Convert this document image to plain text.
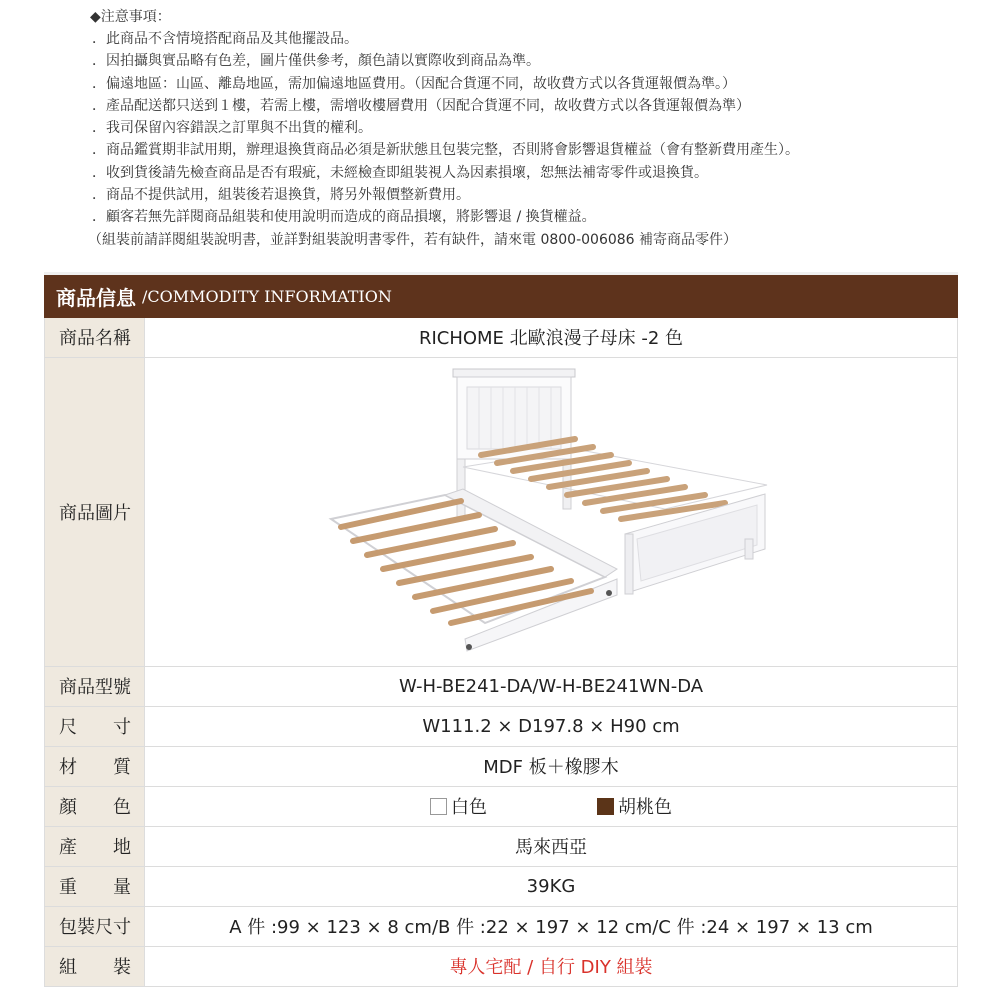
◆注意事項：
．此商品不含情境搭配商品及其他擺設品。
．因拍攝與實品略有色差，圖片僅供參考，顏色請以實際收到商品為準。
．偏遠地區：山區、離島地區，需加偏遠地區費用。（因配合貨運不同，故收費方式以各貨運報價為準。）
．產品配送都只送到１樓，若需上樓，需增收樓層費用（因配合貨運不同，故收費方式以各貨運報價為準）
．我司保留內容錯誤之訂單與不出貨的權利。
．商品鑑賞期非試用期，辦理退換貨商品必須是新狀態且包裝完整，否則將會影響退貨權益（會有整新費用產生）。
．收到貨後請先檢查商品是否有瑕疵，未經檢查即組裝視人為因素損壞，恕無法補寄零件或退換貨。
．商品不提供試用，組裝後若退換貨，將另外報價整新費用。
．顧客若無先詳閱商品組裝和使用說明而造成的商品損壞，將影響退 / 換貨權益。
（組裝前請詳閱組裝說明書，並詳對組裝說明書零件，若有缺件，請來電 0800-006086 補寄商品零件）
商品信息 /COMMODITY INFORMATION
商品名稱	RICHOME 北歐浪漫子母床 -2 色
商品圖片	

商品型號	W-H-BE241-DA/W-H-BE241WN-DA

尺 寸	W111.2 × D197.8 × H90 cm

材 質	MDF 板＋橡膠木

顏 色	白色 胡桃色

產 地	馬來西亞

重 量	39KG
包裝尺寸	A 件 :99 × 123 × 8 cm/B 件 :22 × 197 × 12 cm/C 件 :24 × 197 × 13 cm

組 裝	專人宅配 / 自行 DIY 組裝
